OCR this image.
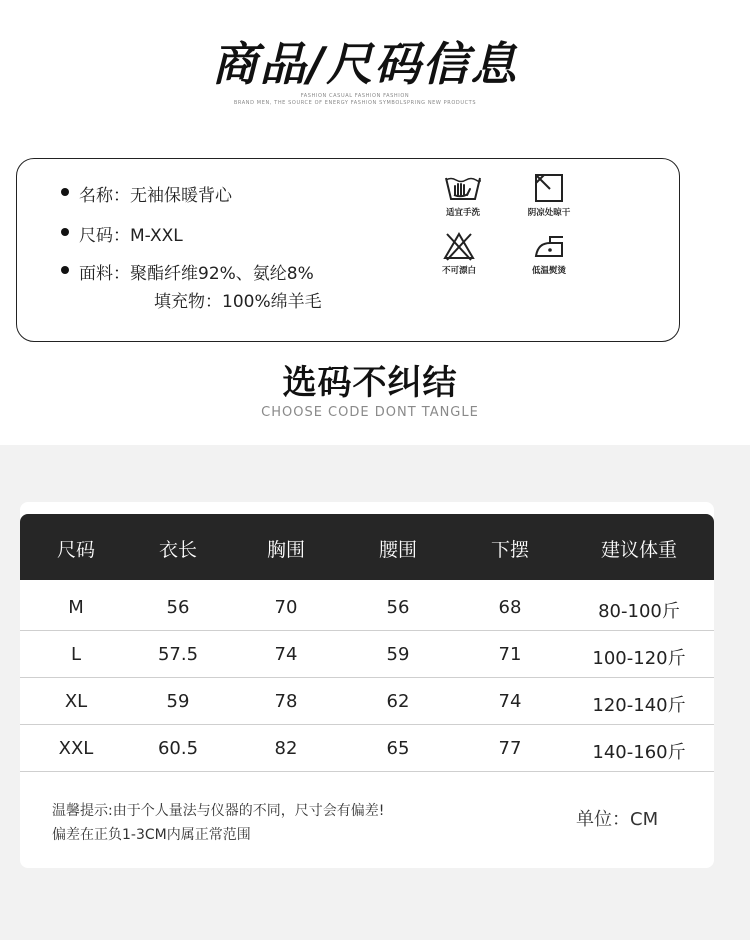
商品/尺码信息
FASHION CASUAL FASHION FASHION
BRAND MEN, THE SOURCE OF ENERGY FASHION SYMBOLSPRING NEW PRODUCTS
名称：无袖保暖背心
尺码：M-XXL
面料：聚酯纤维92%、氨纶8%
填充物：100%绵羊毛
适宜手洗	阴凉处晾干
不可漂白	低温熨烫
选码不纠结
CHOOSE CODE DONT TANGLE
尺码	衣长	胸围	腰围	下摆	建议体重
M	56	70	56	68	80-100斤
L	57.5	74	59	71	100-120斤
XL	59	78	62	74	120-140斤
XXL	60.5	82	65	77	140-160斤
温馨提示:由于个人量法与仪器的不同，尺寸会有偏差!
偏差在正负1-3CM内属正常范围
单位：CM
